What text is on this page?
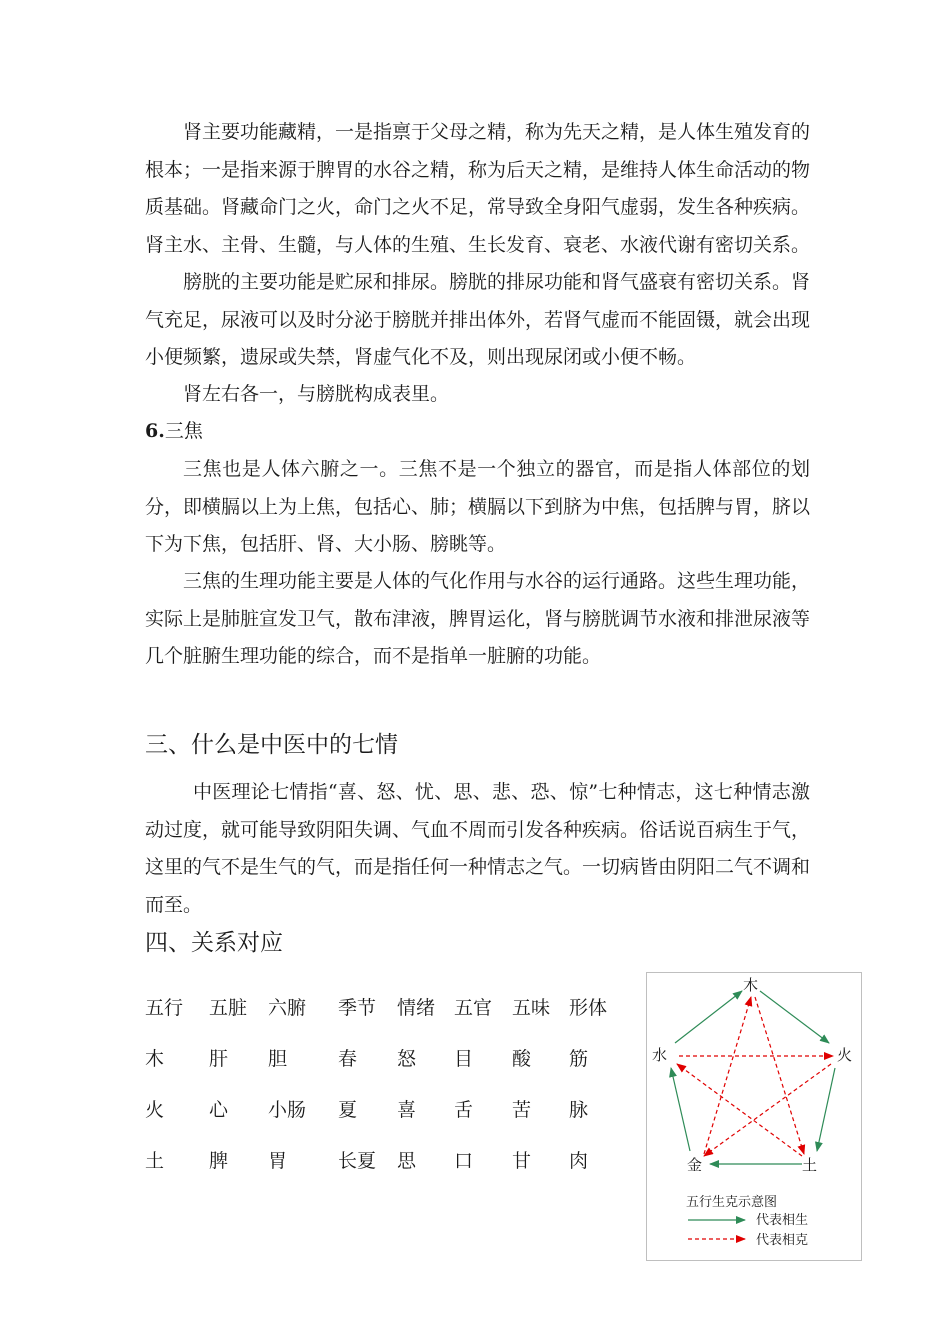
肾主要功能藏精，一是指禀于父母之精，称为先天之精，是人体生殖发育的根本；一是指来源于脾胃的水谷之精，称为后天之精，是维持人体生命活动的物质基础。肾藏命门之火，命门之火不足，常导致全身阳气虚弱，发生各种疾病。肾主水、主骨、生髓，与人体的生殖、生长发育、衰老、水液代谢有密切关系。

膀胱的主要功能是贮尿和排尿。膀胱的排尿功能和肾气盛衰有密切关系。肾气充足，尿液可以及时分泌于膀胱并排出体外，若肾气虚而不能固镊，就会出现小便频繁，遗尿或失禁，肾虚气化不及，则出现尿闭或小便不畅。

肾左右各一，与膀胱构成表里。

6.三焦

三焦也是人体六腑之一。三焦不是一个独立的器官，而是指人体部位的划分，即横膈以上为上焦，包括心、肺；横膈以下到脐为中焦，包括脾与胃，脐以下为下焦，包括肝、肾、大小肠、膀眺等。

三焦的生理功能主要是人体的气化作用与水谷的运行通路。这些生理功能，实际上是肺脏宣发卫气，散布津液，脾胃运化，肾与膀胱调节水液和排泄尿液等几个脏腑生理功能的综合，而不是指单一脏腑的功能。

三、什么是中医中的七情

中医理论七情指“喜、怒、忧、思、悲、恐、惊”七种情志，这七种情志激动过度，就可能导致阴阳失调、气血不周而引发各种疾病。俗话说百病生于气，这里的气不是生气的气，而是指任何一种情志之气。一切病皆由阴阳二气不调和而至。

四、关系对应
五行 五脏 六腑 季节 情绪 五官 五味 形体
木 肝 胆	春 怒 目 酸 筋
火 心 小肠 夏 喜 舌 苦 脉
土 脾 胃	长夏 思 口 甘 肉
木
火
土
金
水
五行生克示意图
代表相生
代表相克
